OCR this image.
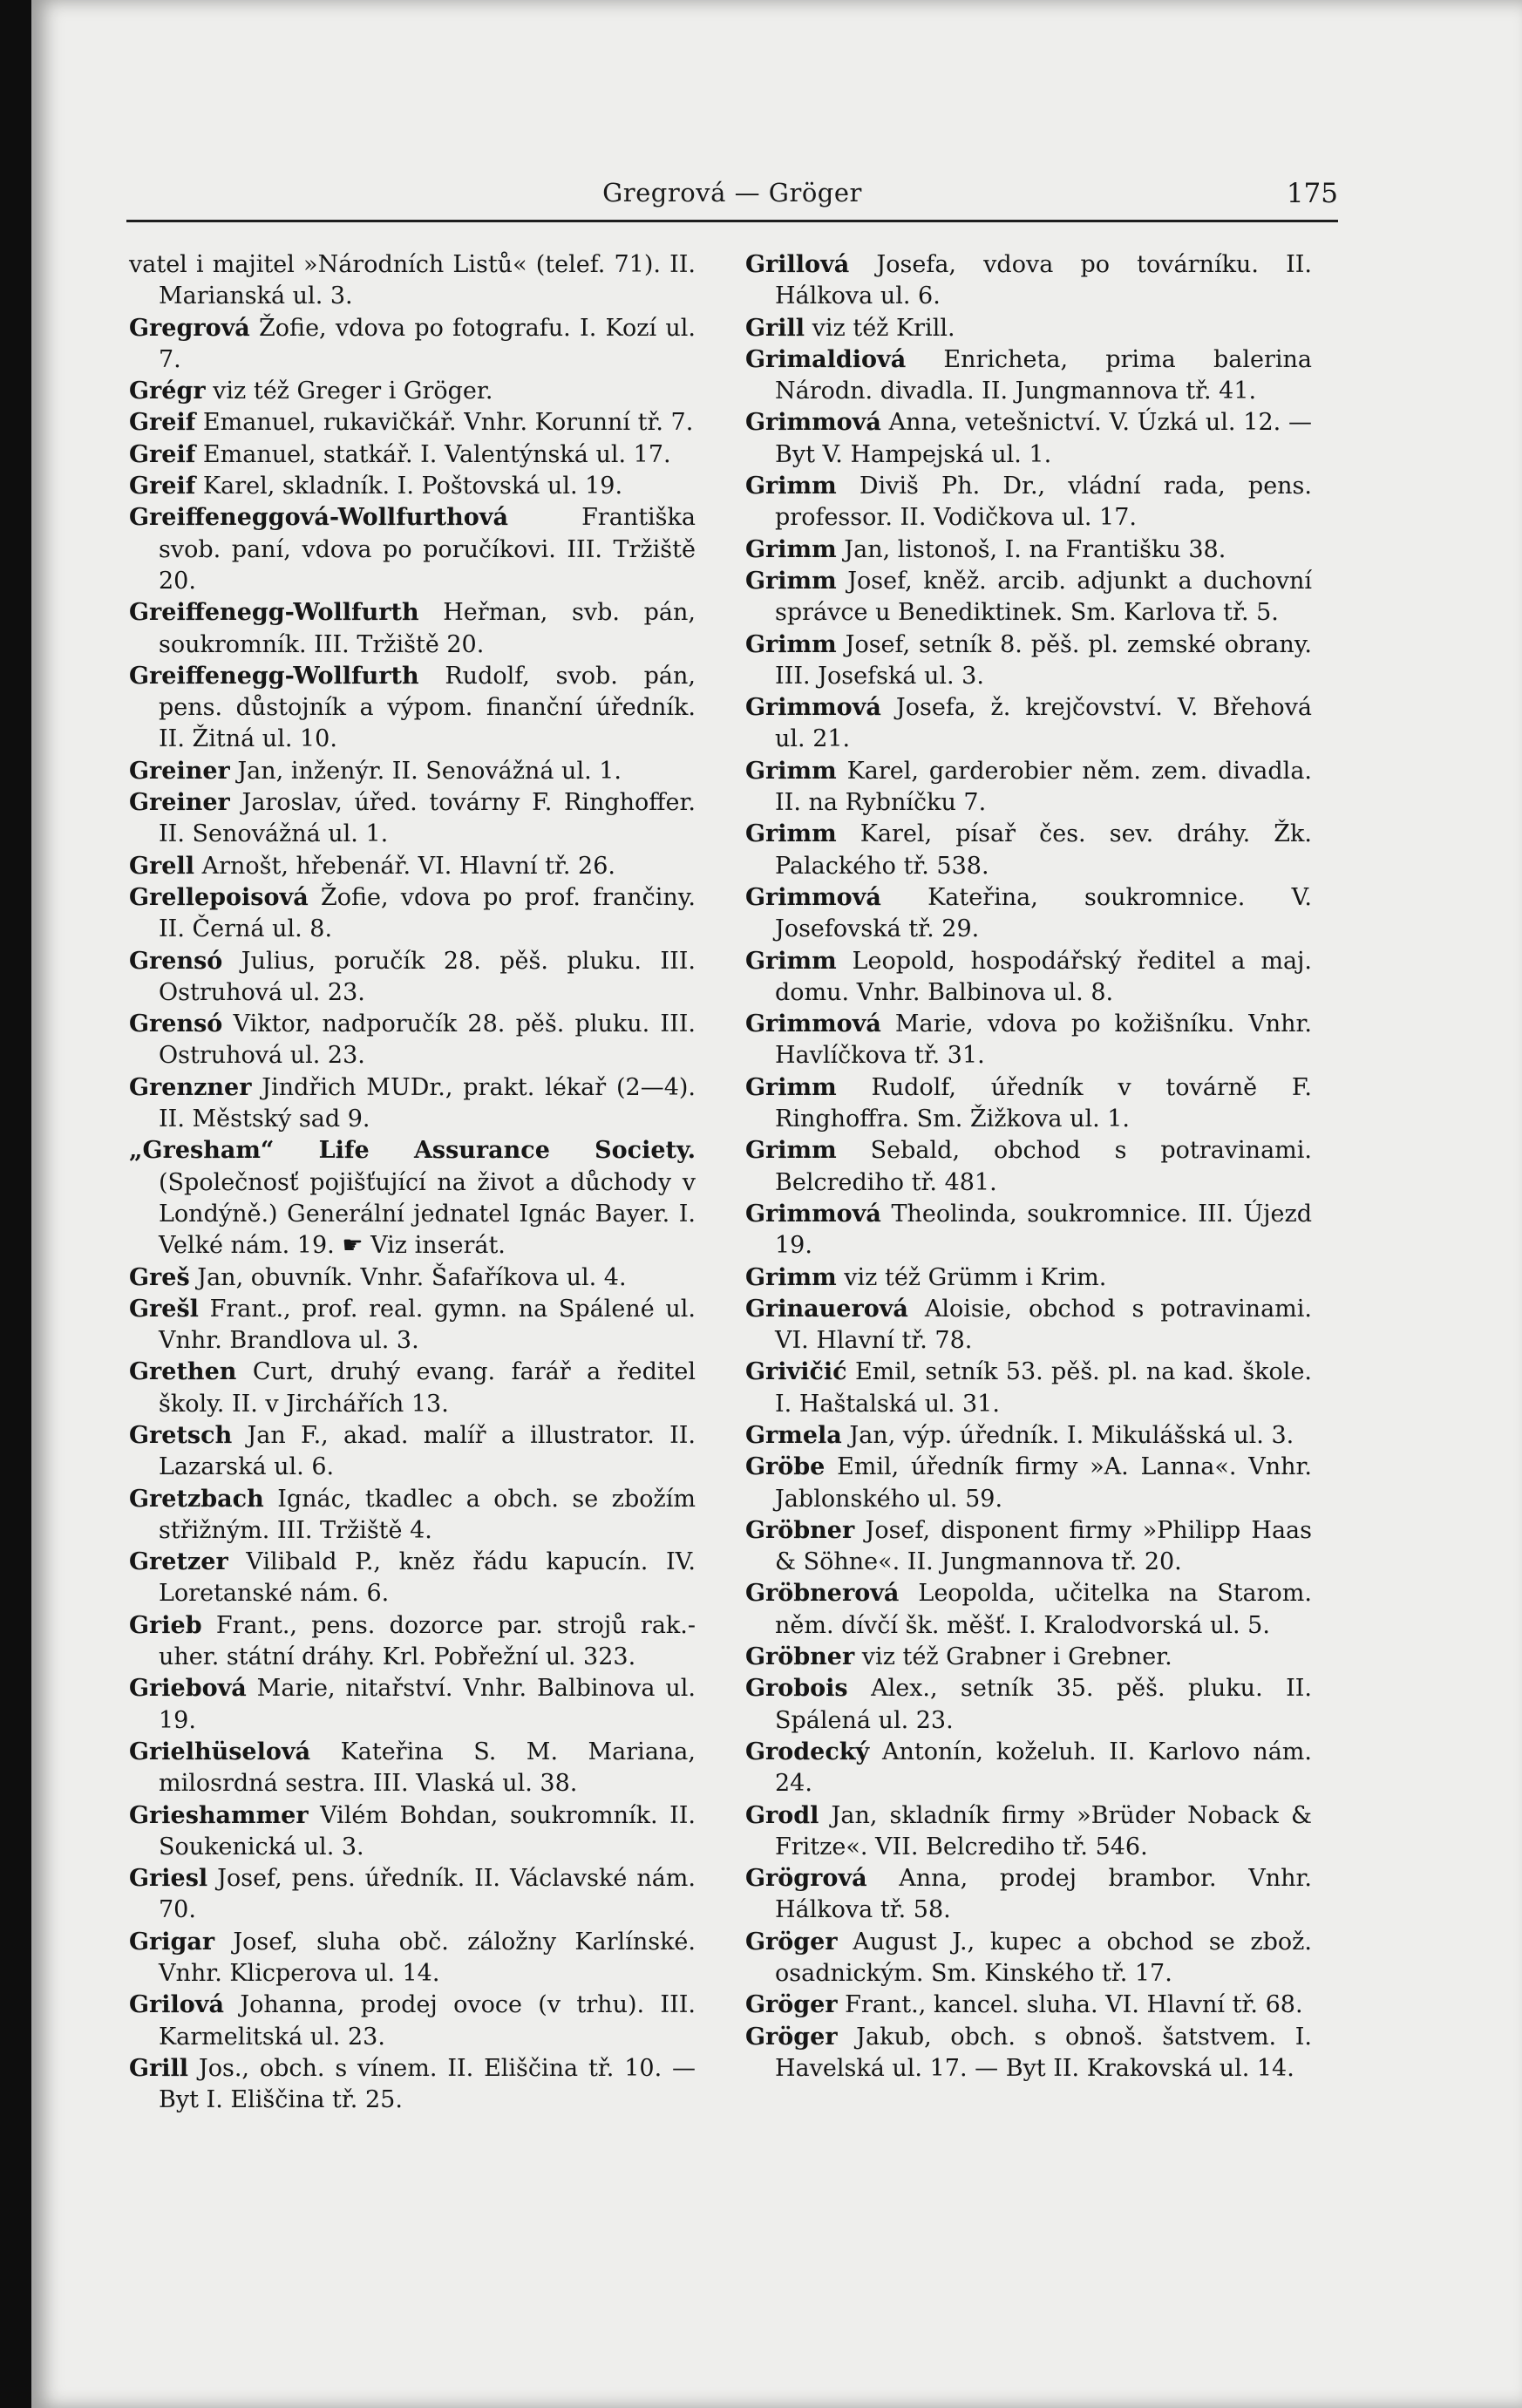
Gregrová — Gröger	175
vatel i majitel »Národních Listů« (telef. 71). II. Marianská ul. 3.
Gregrová Žofie, vdova po fotografu. I. Kozí ul. 7.
Grégr viz též Greger i Gröger.
Greif Emanuel, rukavičkář. Vnhr. Korunní tř. 7.
Greif Emanuel, statkář. I. Valentýnská ul. 17.
Greif Karel, skladník. I. Poštovská ul. 19.
Greiffeneggová-Wollfurthová Františka svob. paní, vdova po poručíkovi. III. Tržiště 20.
Greiffenegg-Wollfurth Heřman, svb. pán, soukromník. III. Tržiště 20.
Greiffenegg-Wollfurth Rudolf, svob. pán, pens. důstojník a výpom. finanční úředník. II. Žitná ul. 10.
Greiner Jan, inženýr. II. Senovážná ul. 1.
Greiner Jaroslav, úřed. továrny F. Ringhoffer. II. Senovážná ul. 1.
Grell Arnošt, hřebenář. VI. Hlavní tř. 26.
Grellepoisová Žofie, vdova po prof. frančiny. II. Černá ul. 8.
Grensó Julius, poručík 28. pěš. pluku. III. Ostruhová ul. 23.
Grensó Viktor, nadporučík 28. pěš. pluku. III. Ostruhová ul. 23.
Grenzner Jindřich MUDr., prakt. lékař (2—4). II. Městský sad 9.
„Gresham“ Life Assurance Society. (Společnosť pojišťující na život a důchody v Londýně.) Generální jednatel Ignác Bayer. I. Velké nám. 19. ☛ Viz inserát.
Greš Jan, obuvník. Vnhr. Šafaříkova ul. 4.
Grešl Frant., prof. real. gymn. na Spálené ul. Vnhr. Brandlova ul. 3.
Grethen Curt, druhý evang. farář a ředitel školy. II. v Jirchářích 13.
Gretsch Jan F., akad. malíř a illustrator. II. Lazarská ul. 6.
Gretzbach Ignác, tkadlec a obch. se zbožím střižným. III. Tržiště 4.
Gretzer Vilibald P., kněz řádu kapucín. IV. Loretanské nám. 6.
Grieb Frant., pens. dozorce par. strojů rak.-uher. státní dráhy. Krl. Pobřežní ul. 323.
Griebová Marie, nitařství. Vnhr. Balbinova ul. 19.
Grielhüselová Kateřina S. M. Mariana, milosrdná sestra. III. Vlaská ul. 38.
Grieshammer Vilém Bohdan, soukromník. II. Soukenická ul. 3.
Griesl Josef, pens. úředník. II. Václavské nám. 70.
Grigar Josef, sluha obč. záložny Karlínské. Vnhr. Klicperova ul. 14.
Grilová Johanna, prodej ovoce (v trhu). III. Karmelitská ul. 23.
Grill Jos., obch. s vínem. II. Eliščina tř. 10. — Byt I. Eliščina tř. 25.
Grillová Josefa, vdova po továrníku. II. Hálkova ul. 6.
Grill viz též Krill.
Grimaldiová Enricheta, prima balerina Národn. divadla. II. Jungmannova tř. 41.
Grimmová Anna, vetešnictví. V. Úzká ul. 12. — Byt V. Hampejská ul. 1.
Grimm Diviš Ph. Dr., vládní rada, pens. professor. II. Vodičkova ul. 17.
Grimm Jan, listonoš, I. na Františku 38.
Grimm Josef, kněž. arcib. adjunkt a duchovní správce u Benediktinek. Sm. Karlova tř. 5.
Grimm Josef, setník 8. pěš. pl. zemské obrany. III. Josefská ul. 3.
Grimmová Josefa, ž. krejčovství. V. Břehová ul. 21.
Grimm Karel, garderobier něm. zem. divadla. II. na Rybníčku 7.
Grimm Karel, písař čes. sev. dráhy. Žk. Palackého tř. 538.
Grimmová Kateřina, soukromnice. V. Josefovská tř. 29.
Grimm Leopold, hospodářský ředitel a maj. domu. Vnhr. Balbinova ul. 8.
Grimmová Marie, vdova po kožišníku. Vnhr. Havlíčkova tř. 31.
Grimm Rudolf, úředník v továrně F. Ringhoffra. Sm. Žižkova ul. 1.
Grimm Sebald, obchod s potravinami. Belcrediho tř. 481.
Grimmová Theolinda, soukromnice. III. Újezd 19.
Grimm viz též Grümm i Krim.
Grinauerová Aloisie, obchod s potravinami. VI. Hlavní tř. 78.
Grivičić Emil, setník 53. pěš. pl. na kad. škole. I. Haštalská ul. 31.
Grmela Jan, výp. úředník. I. Mikulášská ul. 3.
Gröbe Emil, úředník firmy »A. Lanna«. Vnhr. Jablonského ul. 59.
Gröbner Josef, disponent firmy »Philipp Haas & Söhne«. II. Jungmannova tř. 20.
Gröbnerová Leopolda, učitelka na Starom. něm. dívčí šk. měšť. I. Kralodvorská ul. 5.
Gröbner viz též Grabner i Grebner.
Grobois Alex., setník 35. pěš. pluku. II. Spálená ul. 23.
Grodecký Antonín, koželuh. II. Karlovo nám. 24.
Grodl Jan, skladník firmy »Brüder Noback & Fritze«. VII. Belcrediho tř. 546.
Grögrová Anna, prodej brambor. Vnhr. Hálkova tř. 58.
Gröger August J., kupec a obchod se zbož. osadnickým. Sm. Kinského tř. 17.
Gröger Frant., kancel. sluha. VI. Hlavní tř. 68.
Gröger Jakub, obch. s obnoš. šatstvem. I. Havelská ul. 17. — Byt II. Krakovská ul. 14.
